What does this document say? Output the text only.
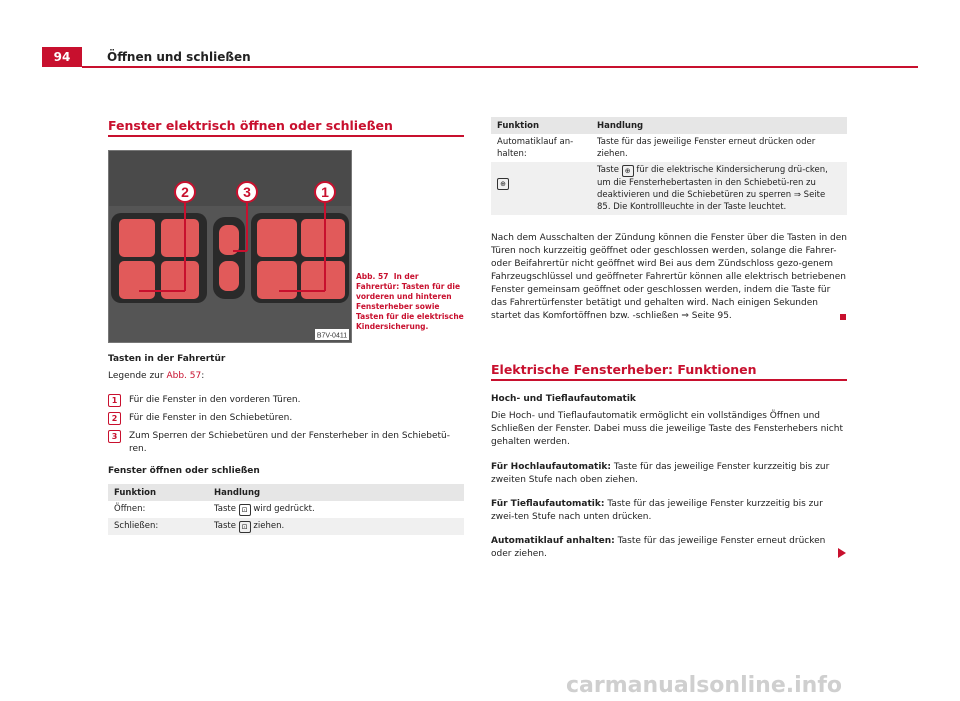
94	Öffnen und schließen
Fenster elektrisch öffnen oder schließen
2	3	1
B7V-0411
Abb. 57 In der Fahrertür: Tasten für die vorderen und hinteren Fensterheber sowie Tasten für die elektrische Kindersicherung.
Tasten in der Fahrertür
Legende zur Abb. 57:
1 Für die Fenster in den vorderen Türen.
2 Für die Fenster in den Schiebetüren.
3 Zum Sperren der Schiebetüren und der Fensterheber in den Schiebetü-ren.
Fenster öffnen oder schließen
Funktion	Handlung
Öffnen:	Taste ⊡ wird gedrückt.
Schließen:	Taste ⊡ ziehen.
Funktion	Handlung
Automatiklauf an-halten:	Taste für das jeweilige Fenster erneut drücken oder ziehen.
⊕	Taste ⊕ für die elektrische Kindersicherung drü-cken, um die Fensterhebertasten in den Schiebetü-ren zu deaktivieren und die Schiebetüren zu sperren ⇒ Seite 85. Die Kontrollleuchte in der Taste leuchtet.
Nach dem Ausschalten der Zündung können die Fenster über die Tasten in den Türen noch kurzzeitig geöffnet oder geschlossen werden, solange die Fahrer- oder Beifahrertür nicht geöffnet wird Bei aus dem Zündschloss gezo-genem Fahrzeugschlüssel und geöffneter Fahrertür können alle elektrisch betriebenen Fenster gemeinsam geöffnet oder geschlossen werden, indem die Taste für das Fahrertürfenster betätigt und gehalten wird. Nach einigen Sekunden startet das Komfortöffnen bzw. -schließen ⇒ Seite 95.
Elektrische Fensterheber: Funktionen
Hoch- und Tieflaufautomatik
Die Hoch- und Tieflaufautomatik ermöglicht ein vollständiges Öffnen und Schließen der Fenster. Dabei muss die jeweilige Taste des Fensterhebers nicht gehalten werden.
Für Hochlaufautomatik: Taste für das jeweilige Fenster kurzzeitig bis zur zweiten Stufe nach oben ziehen.
Für Tieflaufautomatik: Taste für das jeweilige Fenster kurzzeitig bis zur zwei-ten Stufe nach unten drücken.
Automatiklauf anhalten: Taste für das jeweilige Fenster erneut drücken oder ziehen.
carmanualsonline.info
